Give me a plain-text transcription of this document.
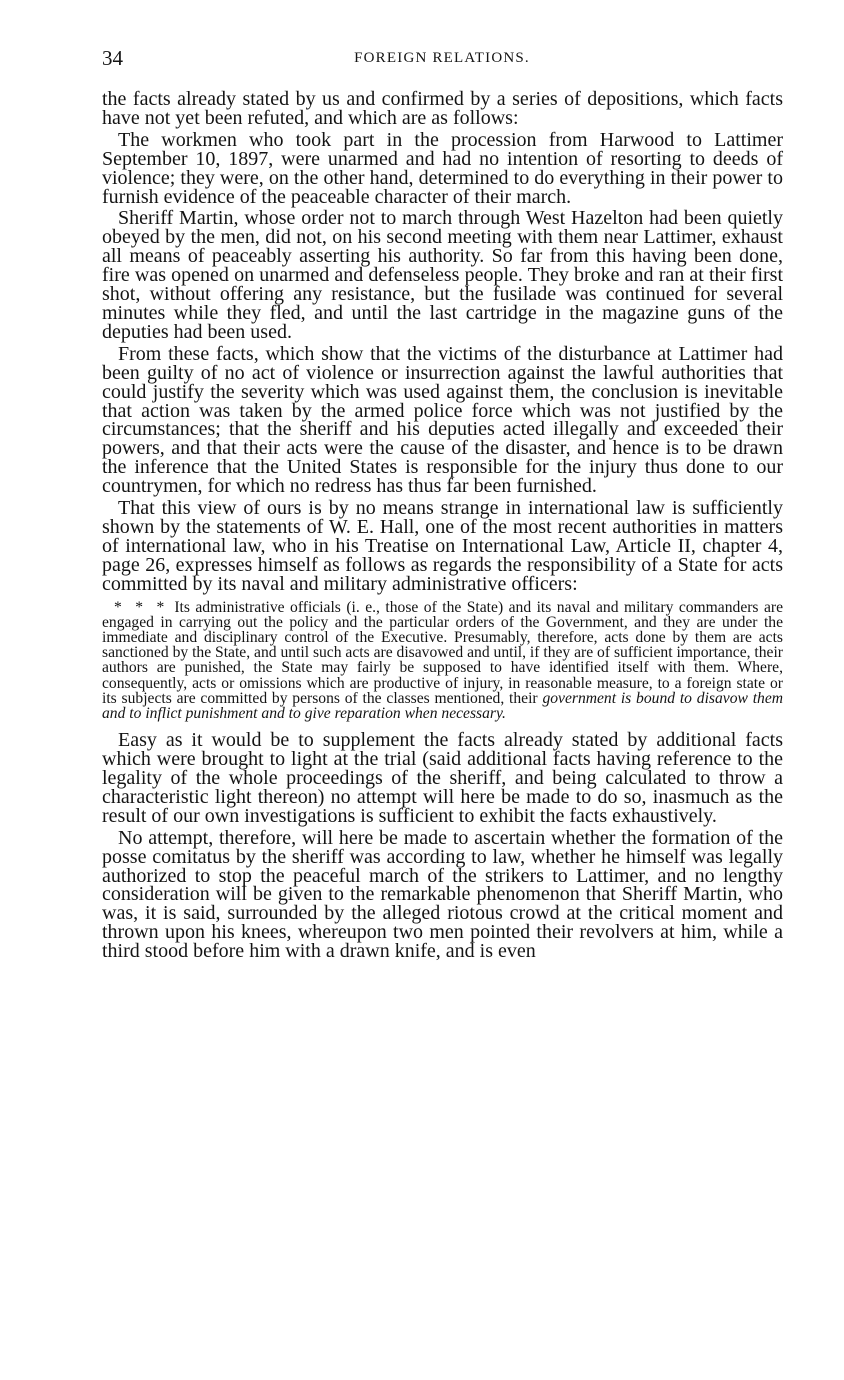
34	FOREIGN RELATIONS.

the facts already stated by us and confirmed by a series of depositions, which facts have not yet been refuted, and which are as follows:

The workmen who took part in the procession from Harwood to Lattimer September 10, 1897, were unarmed and had no intention of resorting to deeds of violence; they were, on the other hand, determined to do everything in their power to furnish evidence of the peaceable character of their march.

Sheriff Martin, whose order not to march through West Hazelton had been quietly obeyed by the men, did not, on his second meeting with them near Lattimer, exhaust all means of peaceably asserting his authority. So far from this having been done, fire was opened on unarmed and defenseless people. They broke and ran at their first shot, without offering any resistance, but the fusilade was continued for several minutes while they fled, and until the last cartridge in the magazine guns of the deputies had been used.

From these facts, which show that the victims of the disturbance at Lattimer had been guilty of no act of violence or insurrection against the lawful authorities that could justify the severity which was used against them, the conclusion is inevitable that action was taken by the armed police force which was not justified by the circumstances; that the sheriff and his deputies acted illegally and exceeded their powers, and that their acts were the cause of the disaster, and hence is to be drawn the inference that the United States is responsible for the injury thus done to our countrymen, for which no redress has thus far been furnished.

That this view of ours is by no means strange in international law is sufficiently shown by the statements of W. E. Hall, one of the most recent authorities in matters of international law, who in his Treatise on International Law, Article II, chapter 4, page 26, expresses himself as follows as regards the responsibility of a State for acts committed by its naval and military administrative officers:

* * * Its administrative officials (i. e., those of the State) and its naval and military commanders are engaged in carrying out the policy and the particular orders of the Government, and they are under the immediate and disciplinary control of the Executive. Presumably, therefore, acts done by them are acts sanctioned by the State, and until such acts are disavowed and until, if they are of sufficient importance, their authors are punished, the State may fairly be supposed to have identified itself with them. Where, consequently, acts or omissions which are productive of injury, in reasonable measure, to a foreign state or its subjects are committed by persons of the classes mentioned, their government is bound to disavow them and to inflict punishment and to give reparation when necessary.

Easy as it would be to supplement the facts already stated by additional facts which were brought to light at the trial (said additional facts having reference to the legality of the whole proceedings of the sheriff, and being calculated to throw a characteristic light thereon) no attempt will here be made to do so, inasmuch as the result of our own investigations is sufficient to exhibit the facts exhaustively.

No attempt, therefore, will here be made to ascertain whether the formation of the posse comitatus by the sheriff was according to law, whether he himself was legally authorized to stop the peaceful march of the strikers to Lattimer, and no lengthy consideration will be given to the remarkable phenomenon that Sheriff Martin, who was, it is said, surrounded by the alleged riotous crowd at the critical moment and thrown upon his knees, whereupon two men pointed their revolvers at him, while a third stood before him with a drawn knife, and is even
